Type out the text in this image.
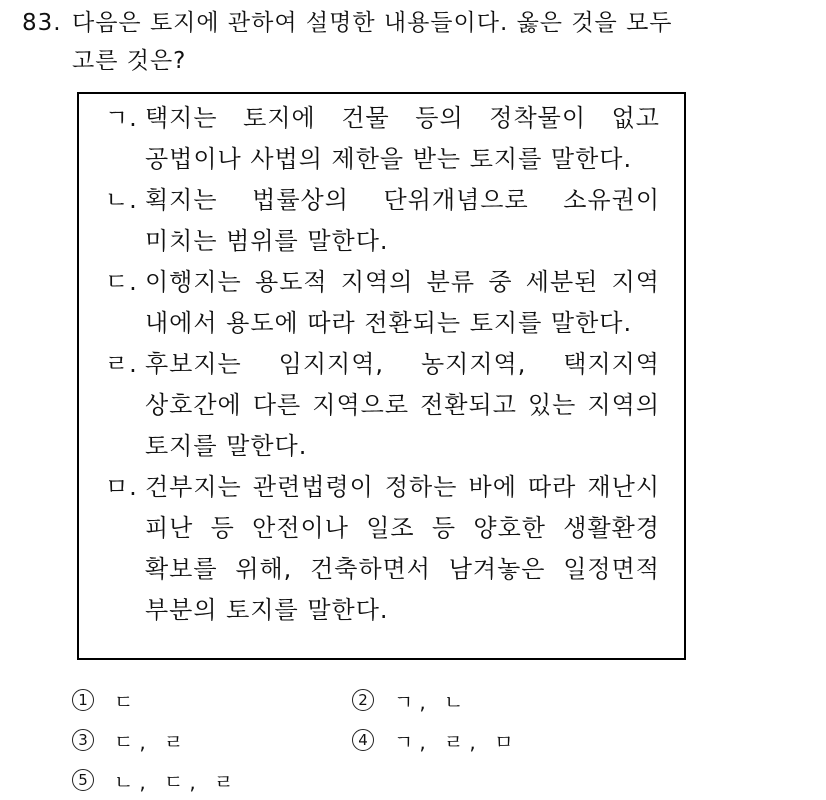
83. 다음은 토지에 관하여 설명한 내용들이다. 옳은 것을 모두
고른 것은?
ㄱ. 택지는 토지에 건물 등의 정착물이 없고 공법이나 사법의 제한을 받는 토지를 말한다.
ㄴ. 획지는 법률상의 단위개념으로 소유권이 미치는 범위를 말한다.
ㄷ. 이행지는 용도적 지역의 분류 중 세분된 지역 내에서 용도에 따라 전환되는 토지를 말한다.
ㄹ. 후보지는 임지지역, 농지지역, 택지지역 상호간에 다른 지역으로 전환되고 있는 지역의 토지를 말한다.
ㅁ. 건부지는 관련법령이 정하는 바에 따라 재난시 피난 등 안전이나 일조 등 양호한 생활환경 확보를 위해, 건축하면서 남겨놓은 일정면적 부분의 토지를 말한다.
1	ㄷ	2	ㄱ, ㄴ
3	ㄷ, ㄹ	4	ㄱ, ㄹ, ㅁ
5	ㄴ, ㄷ, ㄹ
